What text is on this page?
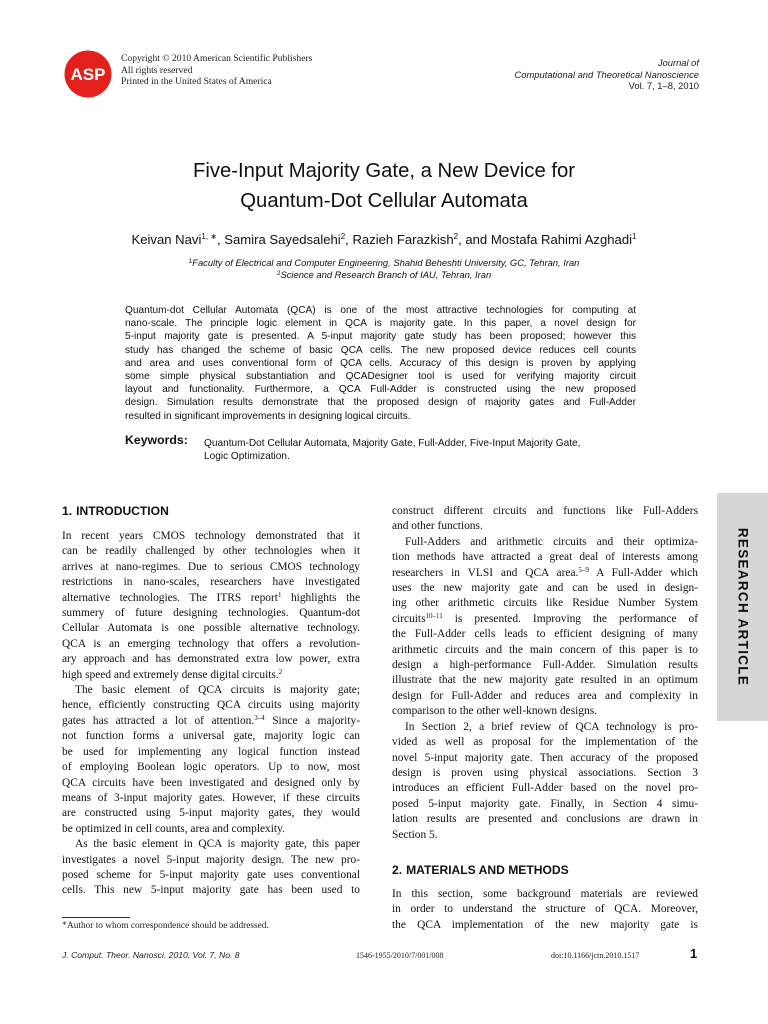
ASP
Copyright © 2010 American Scientific Publishers
All rights reserved
Printed in the United States of America
Journal of
Computational and Theoretical Nanoscience
Vol. 7, 1–8, 2010
Five-Input Majority Gate, a New Device for
Quantum-Dot Cellular Automata
Keivan Navi$^{1, ∗}$, Samira Sayedsalehi$^2$, Razieh Farazkish$^2$, and Mostafa Rahimi Azghadi$^1$
$^1$Faculty of Electrical and Computer Engineering, Shahid Beheshti University, GC, Tehran, Iran
$^2$Science and Research Branch of IAU, Tehran, Iran
Quantum-dot Cellular Automata (QCA) is one of the most attractive technologies for computing at
nano-scale. The principle logic element in QCA is majority gate. In this paper, a novel design for
5-input majority gate is presented. A 5-input majority gate study has been proposed; however this
study has changed the scheme of basic QCA cells. The new proposed device reduces cell counts
and area and uses conventional form of QCA cells. Accuracy of this design is proven by applying
some simple physical substantiation and QCADesigner tool is used for verifying majority circuit
layout and functionality. Furthermore, a QCA Full-Adder is constructed using the new proposed
design. Simulation results demonstrate that the proposed design of majority gates and Full-Adder
resulted in significant improvements in designing logical circuits.
Keywords: Quantum-Dot Cellular Automata, Majority Gate, Full-Adder, Five-Input Majority Gate,
Logic Optimization.
1. INTRODUCTION
2. MATERIALS AND METHODS
In recent years CMOS technology demonstrated that it
can be readily challenged by other technologies when it
arrives at nano-regimes. Due to serious CMOS technology
restrictions in nano-scales, researchers have investigated
alternative technologies. The ITRS report$^1$ highlights the
summery of future designing technologies. Quantum-dot
Cellular Automata is one possible alternative technology.
QCA is an emerging technology that offers a revolution-
ary approach and has demonstrated extra low power, extra
high speed and extremely dense digital circuits.$^2$
The basic element of QCA circuits is majority gate;
hence, efficiently constructing QCA circuits using majority
gates has attracted a lot of attention.$^{3-4}$ Since a majority-
not function forms a universal gate, majority logic can
be used for implementing any logical function instead
of employing Boolean logic operators. Up to now, most
QCA circuits have been investigated and designed only by
means of 3-input majority gates. However, if these circuits
are constructed using 5-input majority gates, they would
be optimized in cell counts, area and complexity.
As the basic element in QCA is majority gate, this paper
investigates a novel 5-input majority design. The new pro-
posed scheme for 5-input majority gate uses conventional
cells. This new 5-input majority gate has been used to
construct different circuits and functions like Full-Adders
and other functions.
Full-Adders and arithmetic circuits and their optimiza-
tion methods have attracted a great deal of interests among
researchers in VLSI and QCA area.$^{5-9}$ A Full-Adder which
uses the new majority gate and can be used in design-
ing other arithmetic circuits like Residue Number System
circuits$^{10-11}$ is presented. Improving the performance of
the Full-Adder cells leads to efficient designing of many
arithmetic circuits and the main concern of this paper is to
design a high-performance Full-Adder. Simulation results
illustrate that the new majority gate resulted in an optimum
design for Full-Adder and reduces area and complexity in
comparison to the other well-known designs.
In Section 2, a brief review of QCA technology is pro-
vided as well as proposal for the implementation of the
novel 5-input majority gate. Then accuracy of the proposed
design is proven using physical associations. Section 3
introduces an efficient Full-Adder based on the novel pro-
posed 5-input majority gate. Finally, in Section 4 simu-
lation results are presented and conclusions are drawn in
Section 5.
In this section, some background materials are reviewed
in order to understand the structure of QCA. Moreover,
the QCA implementation of the new majority gate is
∗Author to whom correspondence should be addressed.
J. Comput. Theor. Nanosci. 2010, Vol. 7, No. 8	1546-1955/2010/7/001/008	doi:10.1166/jctn.2010.1517	1
RESEARCH ARTICLE
